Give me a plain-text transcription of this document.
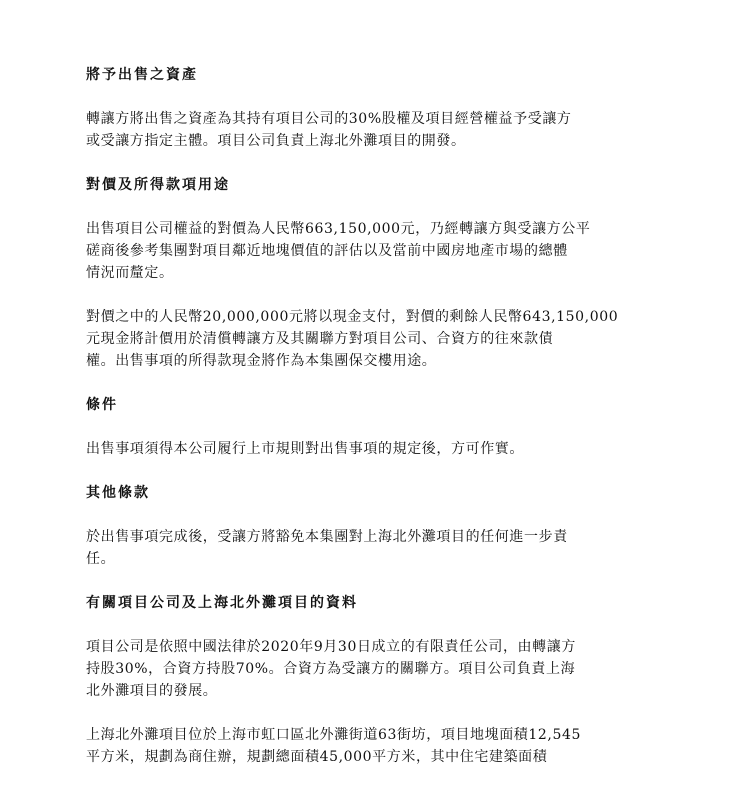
將予出售之資產
轉讓方將出售之資產為其持有項目公司的30%股權及項目經營權益予受讓方
或受讓方指定主體。項目公司負責上海北外灘項目的開發。
對價及所得款項用途
出售項目公司權益的對價為人民幣663,150,000元，乃經轉讓方與受讓方公平
磋商後參考集團對項目鄰近地塊價值的評估以及當前中國房地產市場的總體
情況而釐定。
對價之中的人民幣20,000,000元將以現金支付，對價的剩餘人民幣643,150,000
元現金將計價用於清償轉讓方及其關聯方對項目公司、合資方的往來款債
權。出售事項的所得款現金將作為本集團保交樓用途。
條件
出售事項須得本公司履行上市規則對出售事項的規定後，方可作實。
其他條款
於出售事項完成後，受讓方將豁免本集團對上海北外灘項目的任何進一步責
任。
有關項目公司及上海北外灘項目的資料
項目公司是依照中國法律於2020年9月30日成立的有限責任公司，由轉讓方
持股30%，合資方持股70%。合資方為受讓方的關聯方。項目公司負責上海
北外灘項目的發展。
上海北外灘項目位於上海市虹口區北外灘街道63街坊，項目地塊面積12,545
平方米，規劃為商住辦，規劃總面積45,000平方米，其中住宅建築面積
